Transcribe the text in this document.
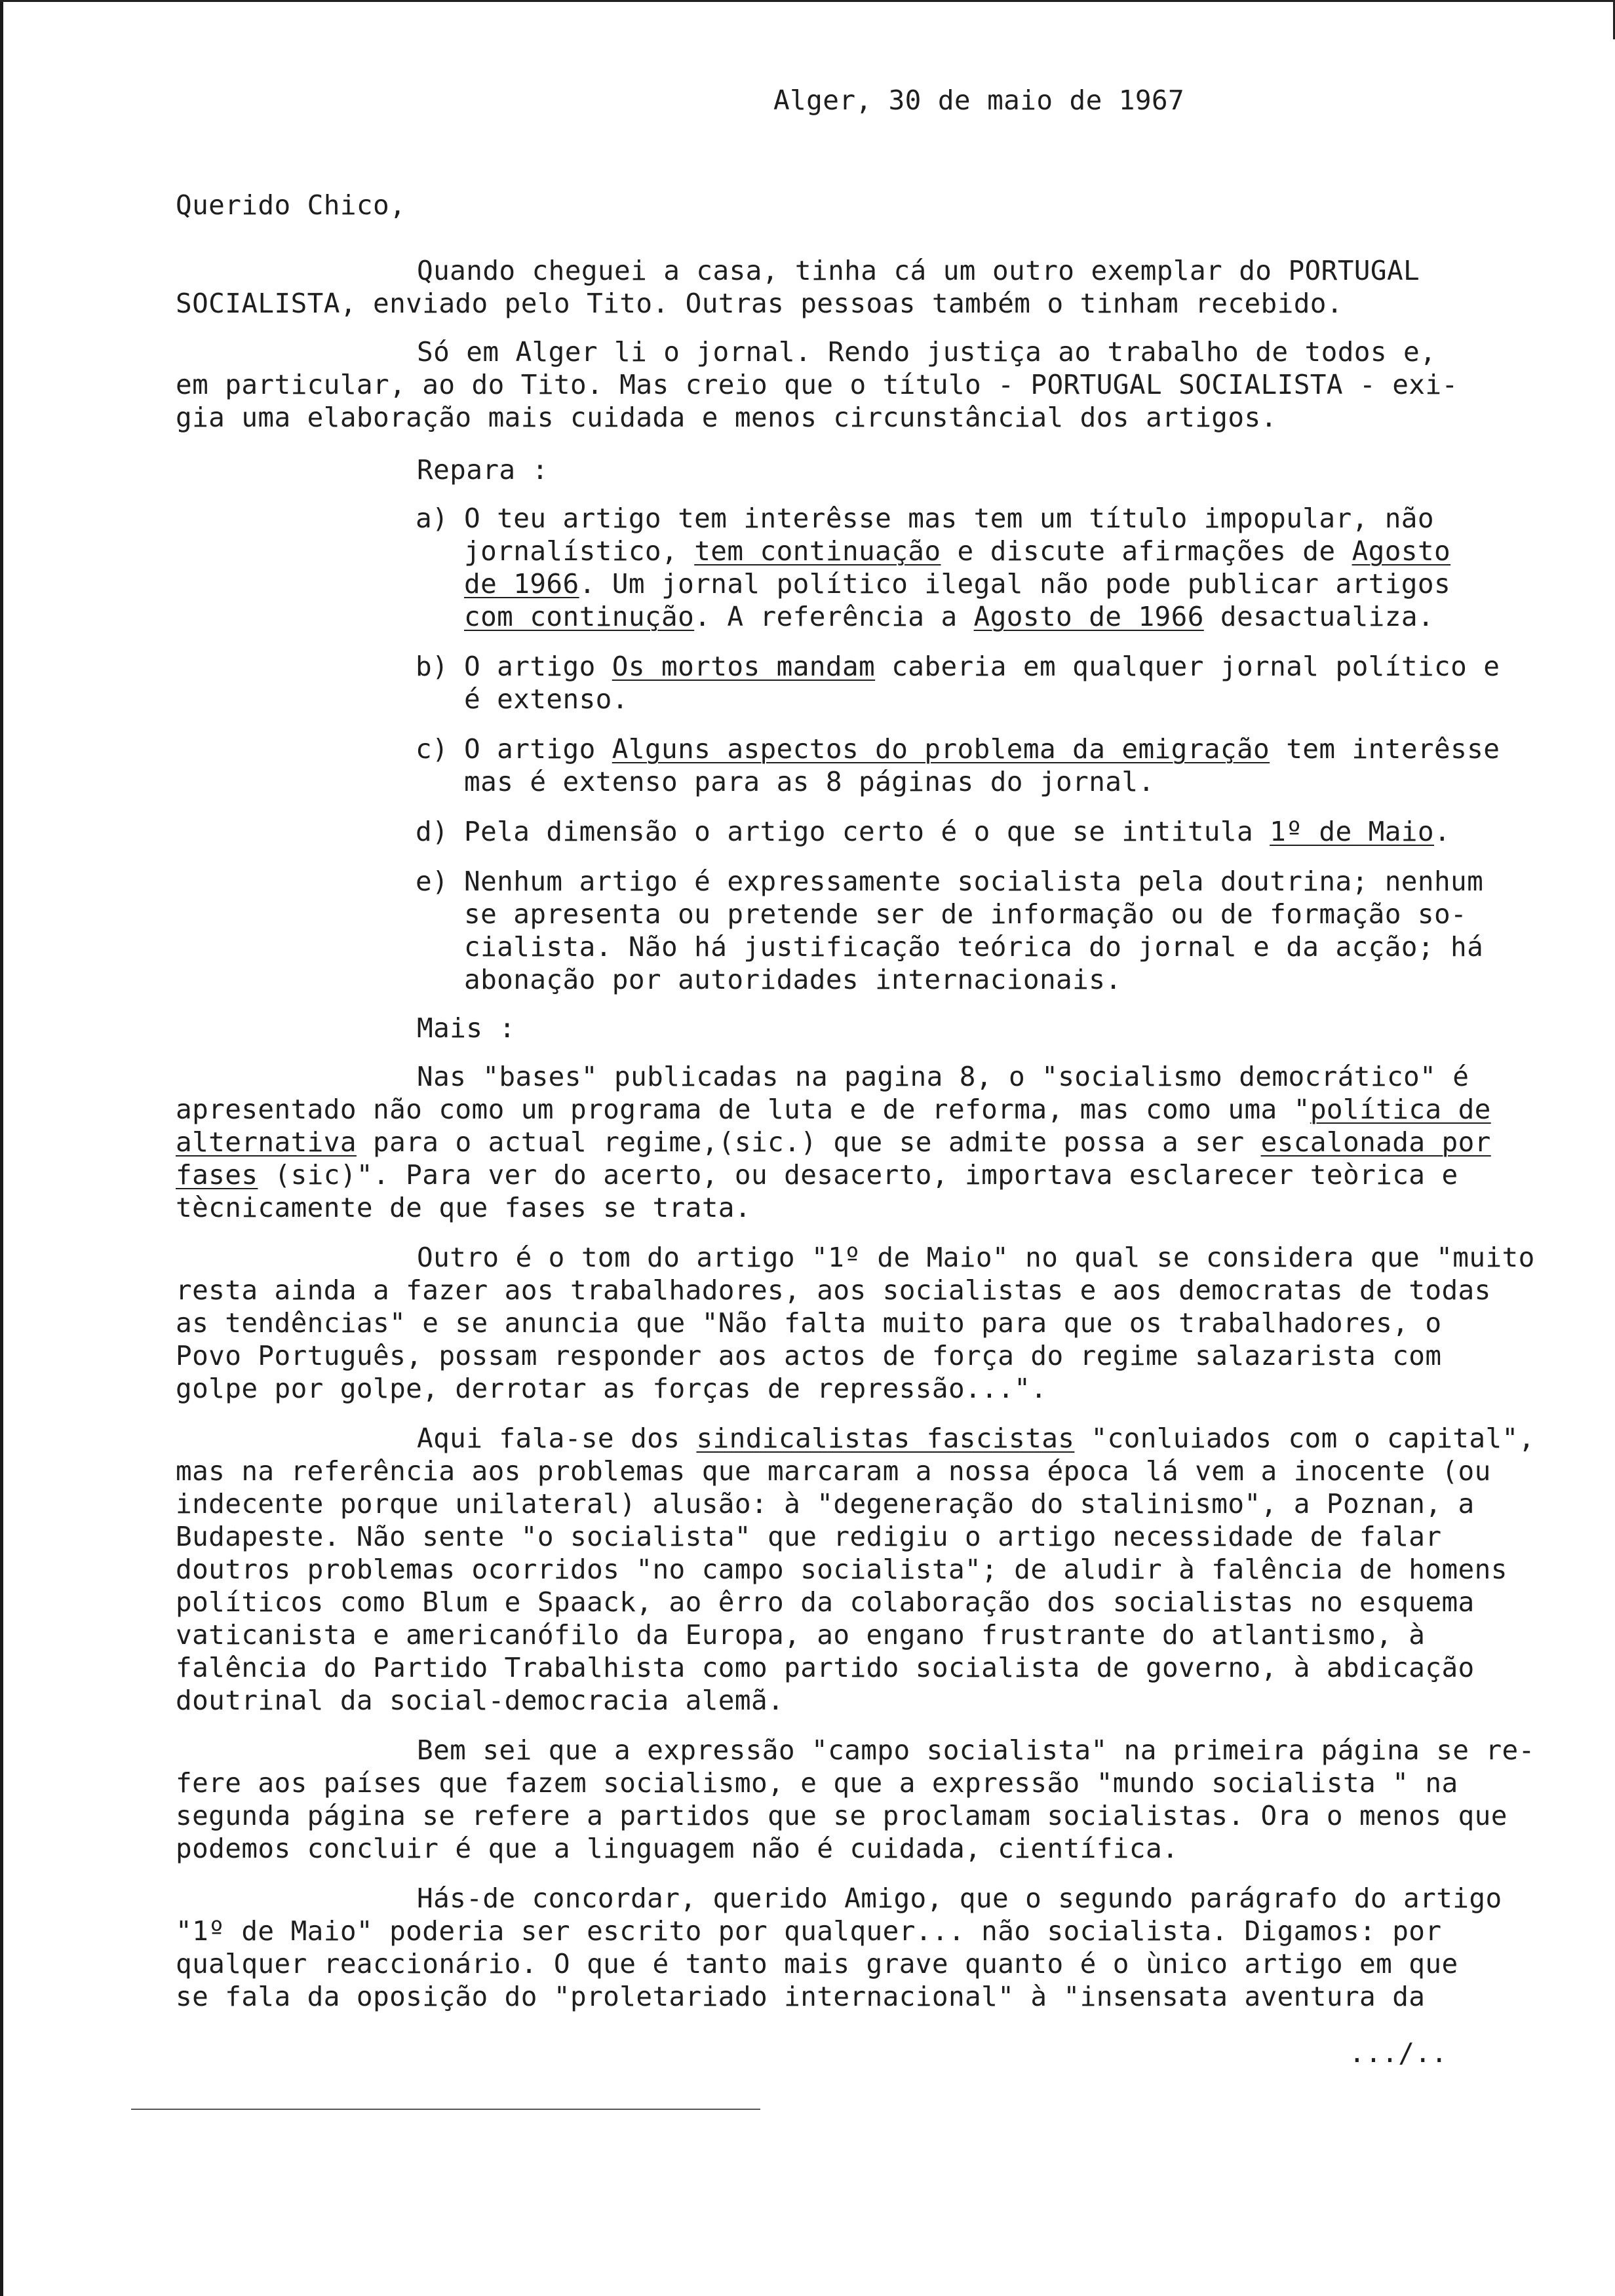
Alger, 30 de maio de 1967
Querido Chico,
Quando cheguei a casa, tinha cá um outro exemplar do PORTUGAL
SOCIALISTA, enviado pelo Tito. Outras pessoas também o tinham recebido.
Só em Alger li o jornal. Rendo justiça ao trabalho de todos e,
em particular, ao do Tito. Mas creio que o título - PORTUGAL SOCIALISTA - exi-
gia uma elaboração mais cuidada e menos circunstâncial dos artigos.
Repara :
a) O teu artigo tem interêsse mas tem um título impopular, não
jornalístico, tem continuação e discute afirmações de Agosto
de 1966. Um jornal político ilegal não pode publicar artigos
com continução. A referência a Agosto de 1966 desactualiza.
b) O artigo Os mortos mandam caberia em qualquer jornal político e
é extenso.
c) O artigo Alguns aspectos do problema da emigração tem interêsse
mas é extenso para as 8 páginas do jornal.
d) Pela dimensão o artigo certo é o que se intitula 1º de Maio.
e) Nenhum artigo é expressamente socialista pela doutrina; nenhum
se apresenta ou pretende ser de informação ou de formação so-
cialista. Não há justificação teórica do jornal e da acção; há
abonação por autoridades internacionais.
Mais :
Nas "bases" publicadas na pagina 8, o "socialismo democrático" é
apresentado não como um programa de luta e de reforma, mas como uma "política de
alternativa para o actual regime,(sic.) que se admite possa a ser escalonada por
fases (sic)". Para ver do acerto, ou desacerto, importava esclarecer teòrica e
tècnicamente de que fases se trata.
Outro é o tom do artigo "1º de Maio" no qual se considera que "muito
resta ainda a fazer aos trabalhadores, aos socialistas e aos democratas de todas
as tendências" e se anuncia que "Não falta muito para que os trabalhadores, o
Povo Português, possam responder aos actos de força do regime salazarista com
golpe por golpe, derrotar as forças de repressão...".
Aqui fala-se dos sindicalistas fascistas "conluiados com o capital",
mas na referência aos problemas que marcaram a nossa época lá vem a inocente (ou
indecente porque unilateral) alusão: à "degeneração do stalinismo", a Poznan, a
Budapeste. Não sente "o socialista" que redigiu o artigo necessidade de falar
doutros problemas ocorridos "no campo socialista"; de aludir à falência de homens
políticos como Blum e Spaack, ao êrro da colaboração dos socialistas no esquema
vaticanista e americanófilo da Europa, ao engano frustrante do atlantismo, à
falência do Partido Trabalhista como partido socialista de governo, à abdicação
doutrinal da social-democracia alemã.
Bem sei que a expressão "campo socialista" na primeira página se re-
fere aos países que fazem socialismo, e que a expressão "mundo socialista " na
segunda página se refere a partidos que se proclamam socialistas. Ora o menos que
podemos concluir é que a linguagem não é cuidada, científica.
Hás-de concordar, querido Amigo, que o segundo parágrafo do artigo
"1º de Maio" poderia ser escrito por qualquer... não socialista. Digamos: por
qualquer reaccionário. O que é tanto mais grave quanto é o ùnico artigo em que
se fala da oposição do "proletariado internacional" à "insensata aventura da
.../..
